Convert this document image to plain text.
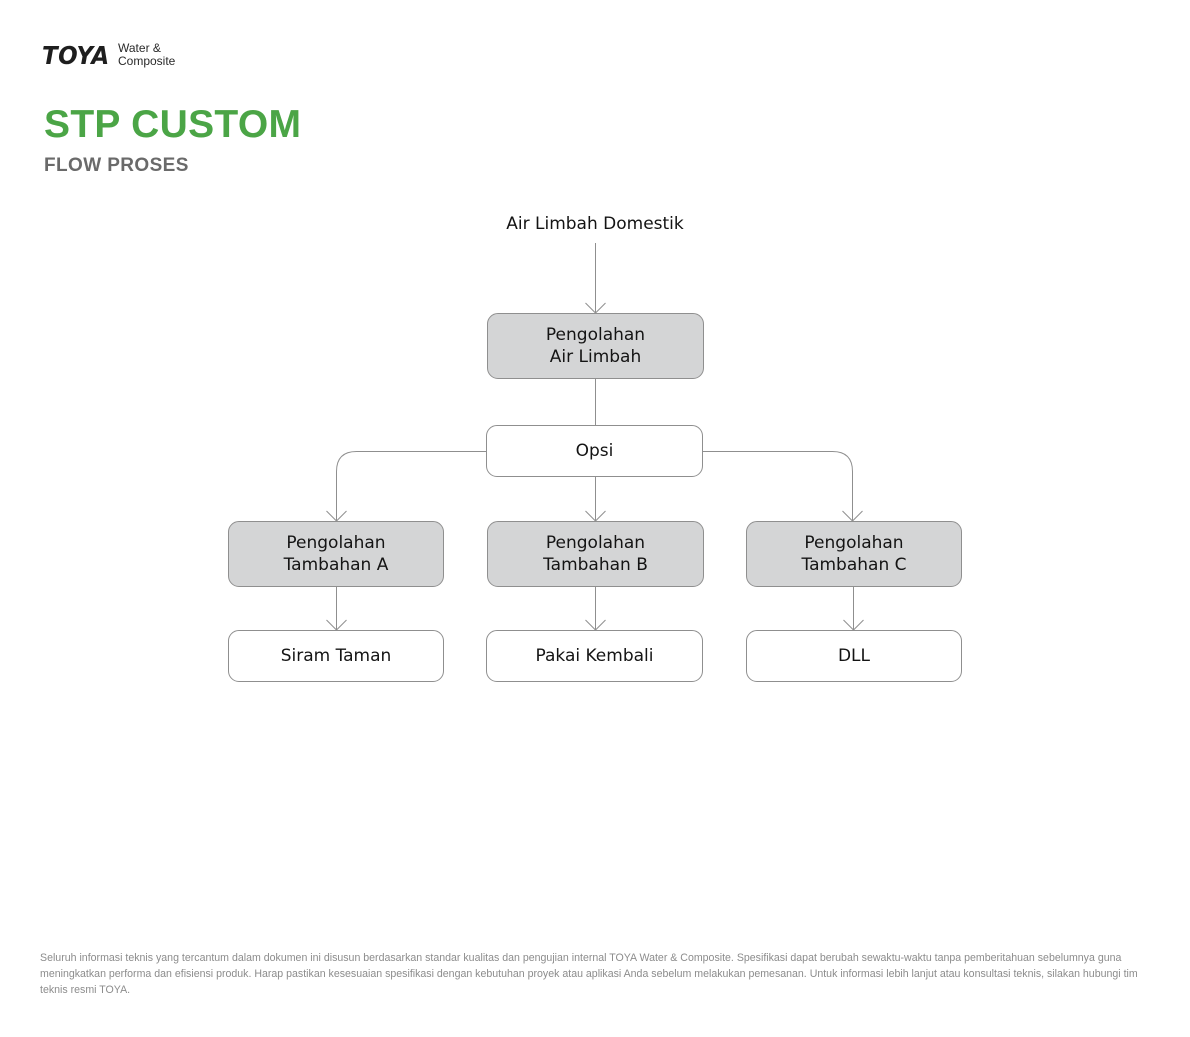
TOYA Water &
Composite
STP CUSTOM
FLOW PROSES
Air Limbah Domestik
Pengolahan
Air Limbah
Opsi
Pengolahan
Tambahan A
Pengolahan
Tambahan B
Pengolahan
Tambahan C
Siram Taman	Pakai Kembali	DLL

Seluruh informasi teknis yang tercantum dalam dokumen ini disusun berdasarkan standar kualitas dan pengujian internal TOYA Water & Composite. Spesifikasi dapat berubah sewaktu-waktu tanpa pemberitahuan sebelumnya guna meningkatkan performa dan efisiensi produk. Harap pastikan kesesuaian spesifikasi dengan kebutuhan proyek atau aplikasi Anda sebelum melakukan pemesanan. Untuk informasi lebih lanjut atau konsultasi teknis, silakan hubungi tim teknis resmi TOYA.
